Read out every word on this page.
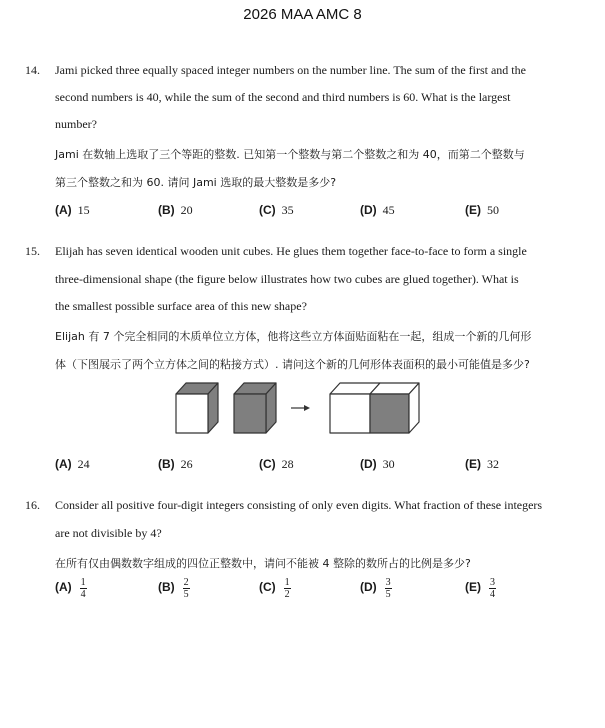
2026 MAA AMC 8
14. Jami picked three equally spaced integer numbers on the number line. The sum of the first and the
second numbers is 40, while the sum of the second and third numbers is 60. What is the largest
number?
Jami 在数轴上选取了三个等距的整数. 已知第一个整数与第二个整数之和为 40，而第二个整数与
第三个整数之和为 60. 请问 Jami 选取的最大整数是多少?
(A) 15	(B) 20	(C) 35	(D) 45	(E) 50
15. Elijah has seven identical wooden unit cubes. He glues them together face-to-face to form a single
three-dimensional shape (the figure below illustrates how two cubes are glued together). What is
the smallest possible surface area of this new shape?
Elijah 有 7 个完全相同的木质单位立方体，他将这些立方体面贴面粘在一起，组成一个新的几何形
体（下图展示了两个立方体之间的粘接方式）. 请问这个新的几何形体表面积的最小可能值是多少?
(A) 24	(B) 26	(C) 28	(D) 30	(E) 32
16. Consider all positive four-digit integers consisting of only even digits. What fraction of these integers
are not divisible by 4?
在所有仅由偶数数字组成的四位正整数中，请问不能被 4 整除的数所占的比例是多少?
$(A) \frac{1}{4}$	$(B) \frac{2}{5}$	$(C) \frac{1}{2}$	$(D) \frac{3}{5}$	$(E) \frac{3}{4}$
